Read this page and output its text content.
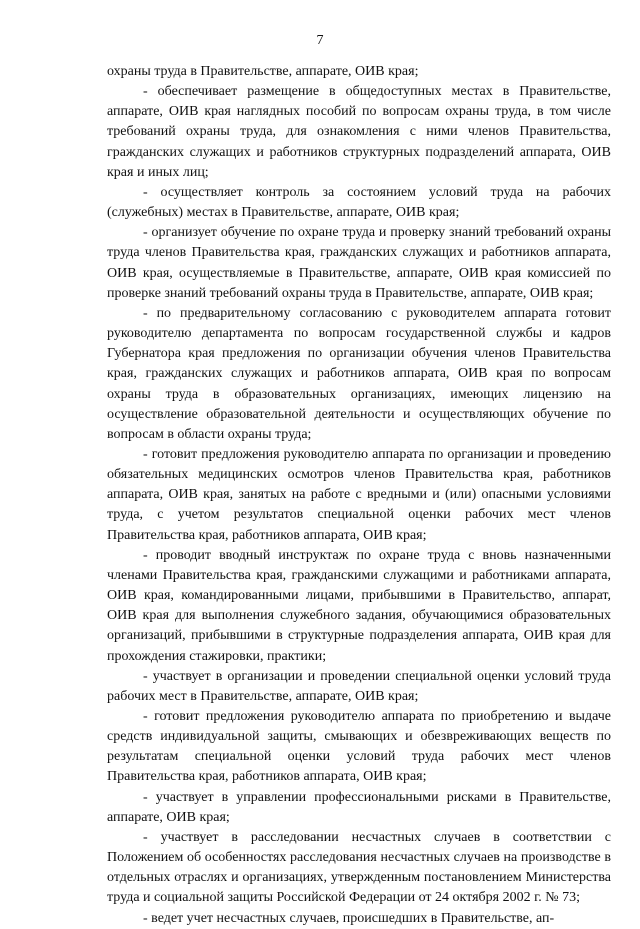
7

охраны труда в Правительстве, аппарате, ОИВ края;

- обеспечивает размещение в общедоступных местах в Правительстве, аппарате, ОИВ края наглядных пособий по вопросам охраны труда, в том числе требований охраны труда, для ознакомления с ними членов Правительства, гражданских служащих и работников структурных подразделений аппарата, ОИВ края и иных лиц;

- осуществляет контроль за состоянием условий труда на рабочих (служебных) местах в Правительстве, аппарате, ОИВ края;

- организует обучение по охране труда и проверку знаний требований охраны труда членов Правительства края, гражданских служащих и работников аппарата, ОИВ края, осуществляемые в Правительстве, аппарате, ОИВ края комиссией по проверке знаний требований охраны труда в Правительстве, аппарате, ОИВ края;

- по предварительному согласованию с руководителем аппарата готовит руководителю департамента по вопросам государственной службы и кадров Губернатора края предложения по организации обучения членов Правительства края, гражданских служащих и работников аппарата, ОИВ края по вопросам охраны труда в образовательных организациях, имеющих лицензию на осуществление образовательной деятельности и осуществляющих обучение по вопросам в области охраны труда;

- готовит предложения руководителю аппарата по организации и проведению обязательных медицинских осмотров членов Правительства края, работников аппарата, ОИВ края, занятых на работе с вредными и (или) опасными условиями труда, с учетом результатов специальной оценки рабочих мест членов Правительства края, работников аппарата, ОИВ края;

- проводит вводный инструктаж по охране труда с вновь назначенными членами Правительства края, гражданскими служащими и работниками аппарата, ОИВ края, командированными лицами, прибывшими в Правительство, аппарат, ОИВ края для выполнения служебного задания, обучающимися образовательных организаций, прибывшими в структурные подразделения аппарата, ОИВ края для прохождения стажировки, практики;

- участвует в организации и проведении специальной оценки условий труда рабочих мест в Правительстве, аппарате, ОИВ края;

- готовит предложения руководителю аппарата по приобретению и выдаче средств индивидуальной защиты, смывающих и обезвреживающих веществ по результатам специальной оценки условий труда рабочих мест членов Правительства края, работников аппарата, ОИВ края;

- участвует в управлении профессиональными рисками в Правительстве, аппарате, ОИВ края;

- участвует в расследовании несчастных случаев в соответствии с Положением об особенностях расследования несчастных случаев на производстве в отдельных отраслях и организациях, утвержденным постановлением Министерства труда и социальной защиты Российской Федерации от 24 октября 2002 г. № 73;

- ведет учет несчастных случаев, происшедших в Правительстве, ап-
